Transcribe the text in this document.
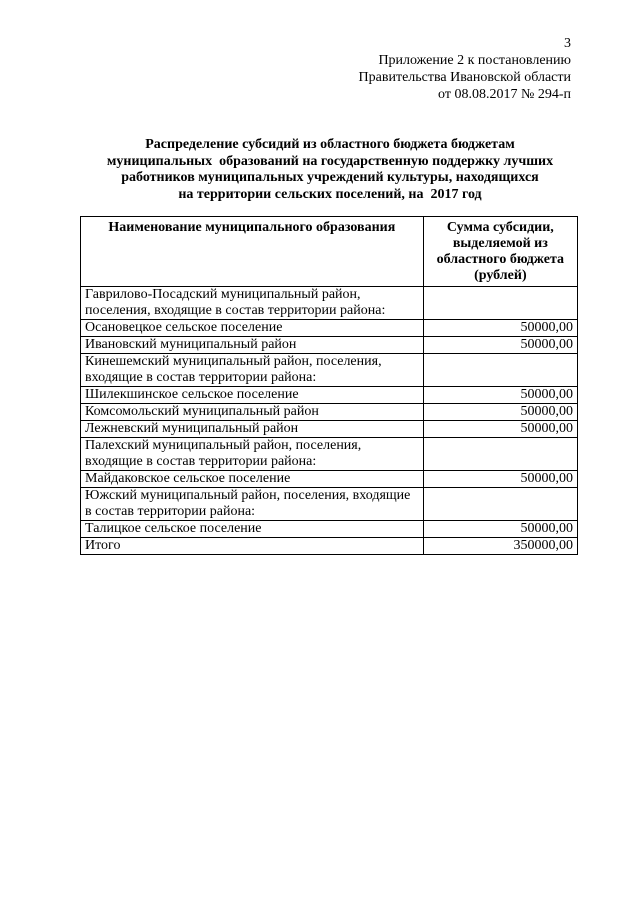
3
Приложение 2 к постановлению
Правительства Ивановской области
от 08.08.2017 № 294-п
Распределение субсидий из областного бюджета бюджетам
муниципальных  образований на государственную поддержку лучших
работников муниципальных учреждений культуры, находящихся
на территории сельских поселений, на  2017 год
Наименование муниципального образования	Сумма субсидии, выделяемой из областного бюджета (рублей)
Гаврилово-Посадский муниципальный район, поселения, входящие в состав территории района:	
Осановецкое сельское поселение	50000,00
Ивановский муниципальный район	50000,00
Кинешемский муниципальный район, поселения, входящие в состав территории района:	
Шилекшинское сельское поселение	50000,00
Комсомольский муниципальный район	50000,00
Лежневский муниципальный район	50000,00
Палехский муниципальный район, поселения, входящие в состав территории района:	
Майдаковское сельское поселение	50000,00
Южский муниципальный район, поселения, входящие в состав территории района:	
Талицкое сельское поселение	50000,00
Итого	350000,00
